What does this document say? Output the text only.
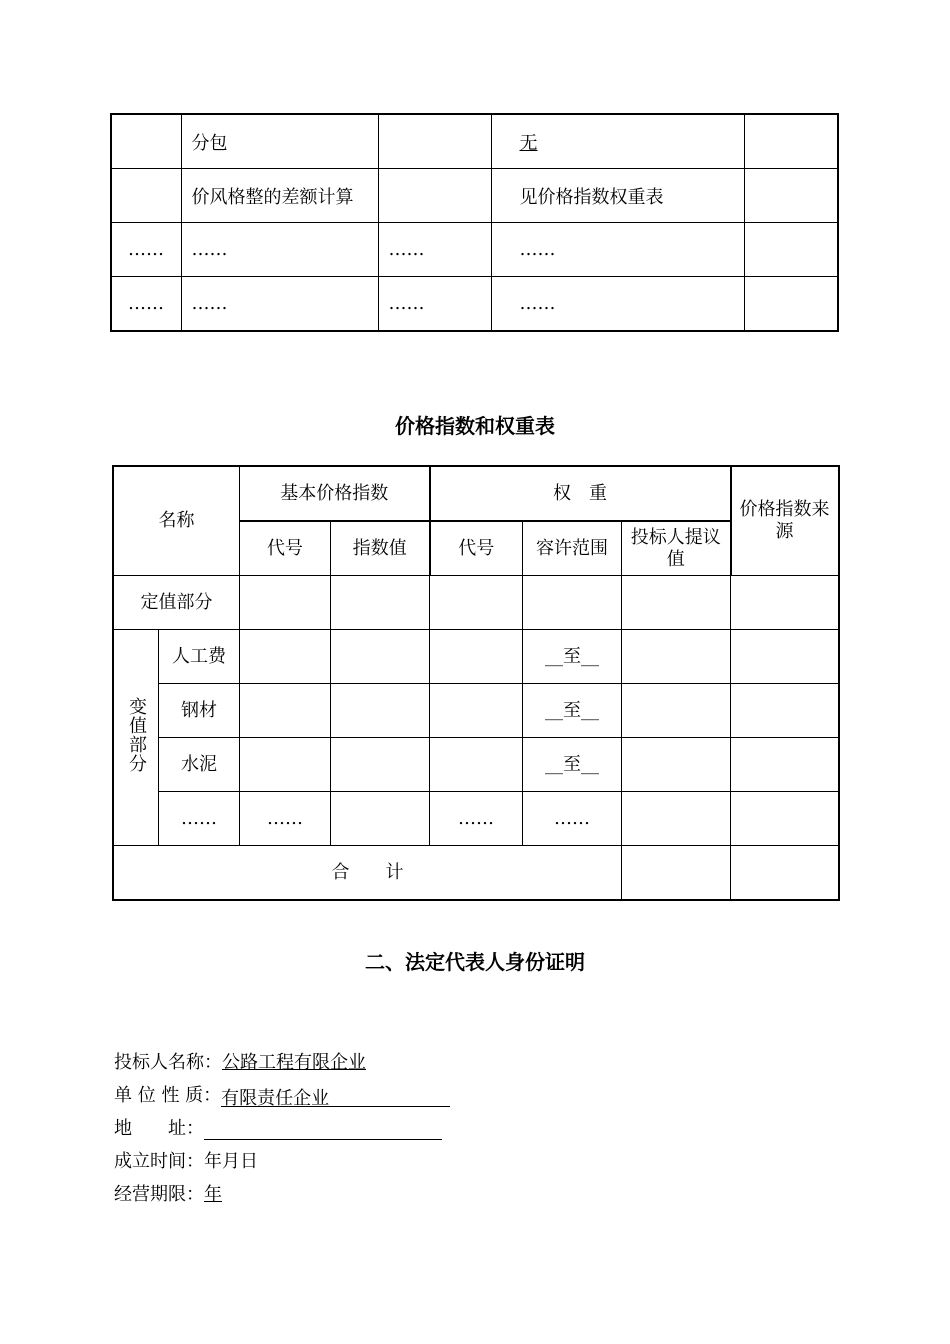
	分包		无	
	价风格整的差额计算		见价格指数权重表	
……	……	……	……	
……	……	……	……	
价格指数和权重表
名称		基本价格指数		权　重			价格指数来源
		代号	指数值	代号	容许范围	投标人提议值	
定值部分							
变值部分	人工费				__至__		
	钢材				__至__		
	水泥				__至__		
	……	……		……	……		
合　　计							
二、法定代表人身份证明
投标人名称：公路工程有限企业
单 位 性 质：有限责任企业
地　　址：
成立时间：年月日
经营期限：年
